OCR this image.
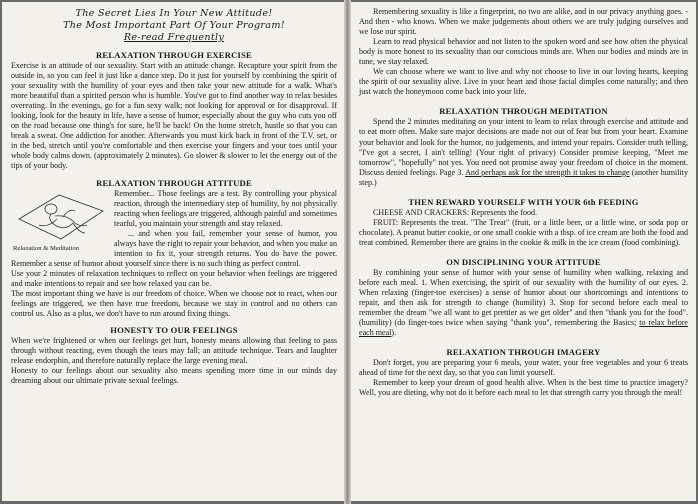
The Secret Lies In Your New Attitude!
The Most Important Part Of Your Program!
Re-read Frequently
RELAXATION THROUGH EXERCISE

Exercise is an attitude of our sexuality. Start with an attitude change. Recapture your spirit from the outside in, so you can feel it just like a dance step. Do it just for yourself by combining the spirit of your sexuality with the humility of your eyes and then take your new attitude for a walk. What's more beautiful than a spirited person who is humble. You've got to find another way to relax besides overeating. In the evenings, go for a fun sexy walk; not looking for approval or for disapproval. If looking, look for the beauty in life, have a sense of humor, especially about the guy who cuts you off on the road because one thing's for sure, he'll be back! On the home stretch, hustle so that you can break a sweat. One addiction for another. Afterwards you must kick back in front of the T.V. set, or in the bed, stretch until you're comfortable and then exercise your fingers and your toes until your whole body calms down. (approximately 2 minutes). Go slower & slower to let the energy out of the tips of your body.

RELAXATION THROUGH ATTITUDE
Relaxation & Meditation

Remember... Those feelings are a test. By controlling your physical reaction, through the intermediary step of humility, by not physically reacting when feelings are triggered, although painful and sometimes tearful, you maintain your strength and stay relaxed.

... and when you fail, remember your sense of humor, you always have the right to repair your behavior, and when you make an intention to fix it, your strength returns. You do have the power. Remember a sense of humor about yourself since there is no such thing as perfect control.

Use your 2 minutes of relaxation techniques to reflect on your behavior when feelings are triggered and make intentions to repair and see how relaxed you can be.

The most important thing we have is our freedom of choice. When we choose not to react, when our feelings are triggered, we then have true freedom, because we stay in control and no others can control us. Also as a plus, we don't have to run around fixing things.

HONESTY TO OUR FEELINGS

When we're frightened or when our feelings get hurt, honesty means allowing that feeling to pass through without reacting, even though the tears may fall; an attitude technique. Tears and laughter release endorphin, and therefore naturally replace the large evening meal.

Honesty to our feelings about our sexuality also means spending more time in our minds day dreaming about our ultimate private sexual feelings.

Remembering sexuality is like a fingerprint, no two are alike, and in our privacy anything goes. - And then - who knows. When we make judgements about others we are truly judging ourselves and we lose our spirit.

Learn to read physical behavior and not listen to the spoken word and see how often the physical body is more honest to its sexuality than our conscious minds are. When our bodies and minds are in tune, we stay relaxed.

We can choose where we want to live and why not choose to live in our loving hearts, keeping the spirit of our sexuality alive. Live in your heart and those facial dimples come naturally; and then just watch the honeymoon come back into your life.

RELAXATION THROUGH MEDITATION

Spend the 2 minutes meditating on your intent to learn to relax through exercise and attitude and to eat more often. Make sure major decisions are made not out of fear but from your heart. Examine your behavior and look for the humor, no judgements, and intend your repairs. Consider truth telling, "I've got a secret, I ain't telling! (Your right of privacy) Consider promise keeping, "Meet me tomorrow", "hopefully" not yes. You need not promise away your freedom of choice in the moment. Discuss denied feelings. Page 3. And perhaps ask for the strength it takes to change (another humility step.)

THEN REWARD YOURSELF WITH YOUR 6th FEEDING

CHEESE AND CRACKERS: Represents the food.

FRUIT: Represents the treat. "The Treat" (fruit, or a little beer, or a little wine, or soda pop or chocolate). A peanut butter cookie, or one small cookie with a tbsp. of ice cream are both the food and treat combined. Remember there are grains in the cookie & milk in the ice cream (food combining).

ON DISCIPLINING YOUR ATTITUDE

By combining your sense of humor with your sense of humility when walking, relaxing and before each meal. 1. When exercising, the spirit of our sexuality with the humility of our eyes. 2. When relaxing (finger-toe exercises) a sense of humor about our shortcomings and intentions to repair, and then ask for strength to change (humility) 3. Stop for second before each meal to remember the dream "we all want to get prettier as we get older" and then "thank you for the food". (humility) (do finger-toes twice when saying "thank you", remembering the Basics; to relax before each meal).

RELAXATION THROUGH IMAGERY

Don't forget, you are preparing your 6 meals, your water, your free vegetables and your 6 treats ahead of time for the next day, so that you can limit yourself.

Remember to keep your dream of good health alive. When is the best time to practice imagery? Well, you are dieting, why not do it before each meal to let that strength carry you through the meal!
